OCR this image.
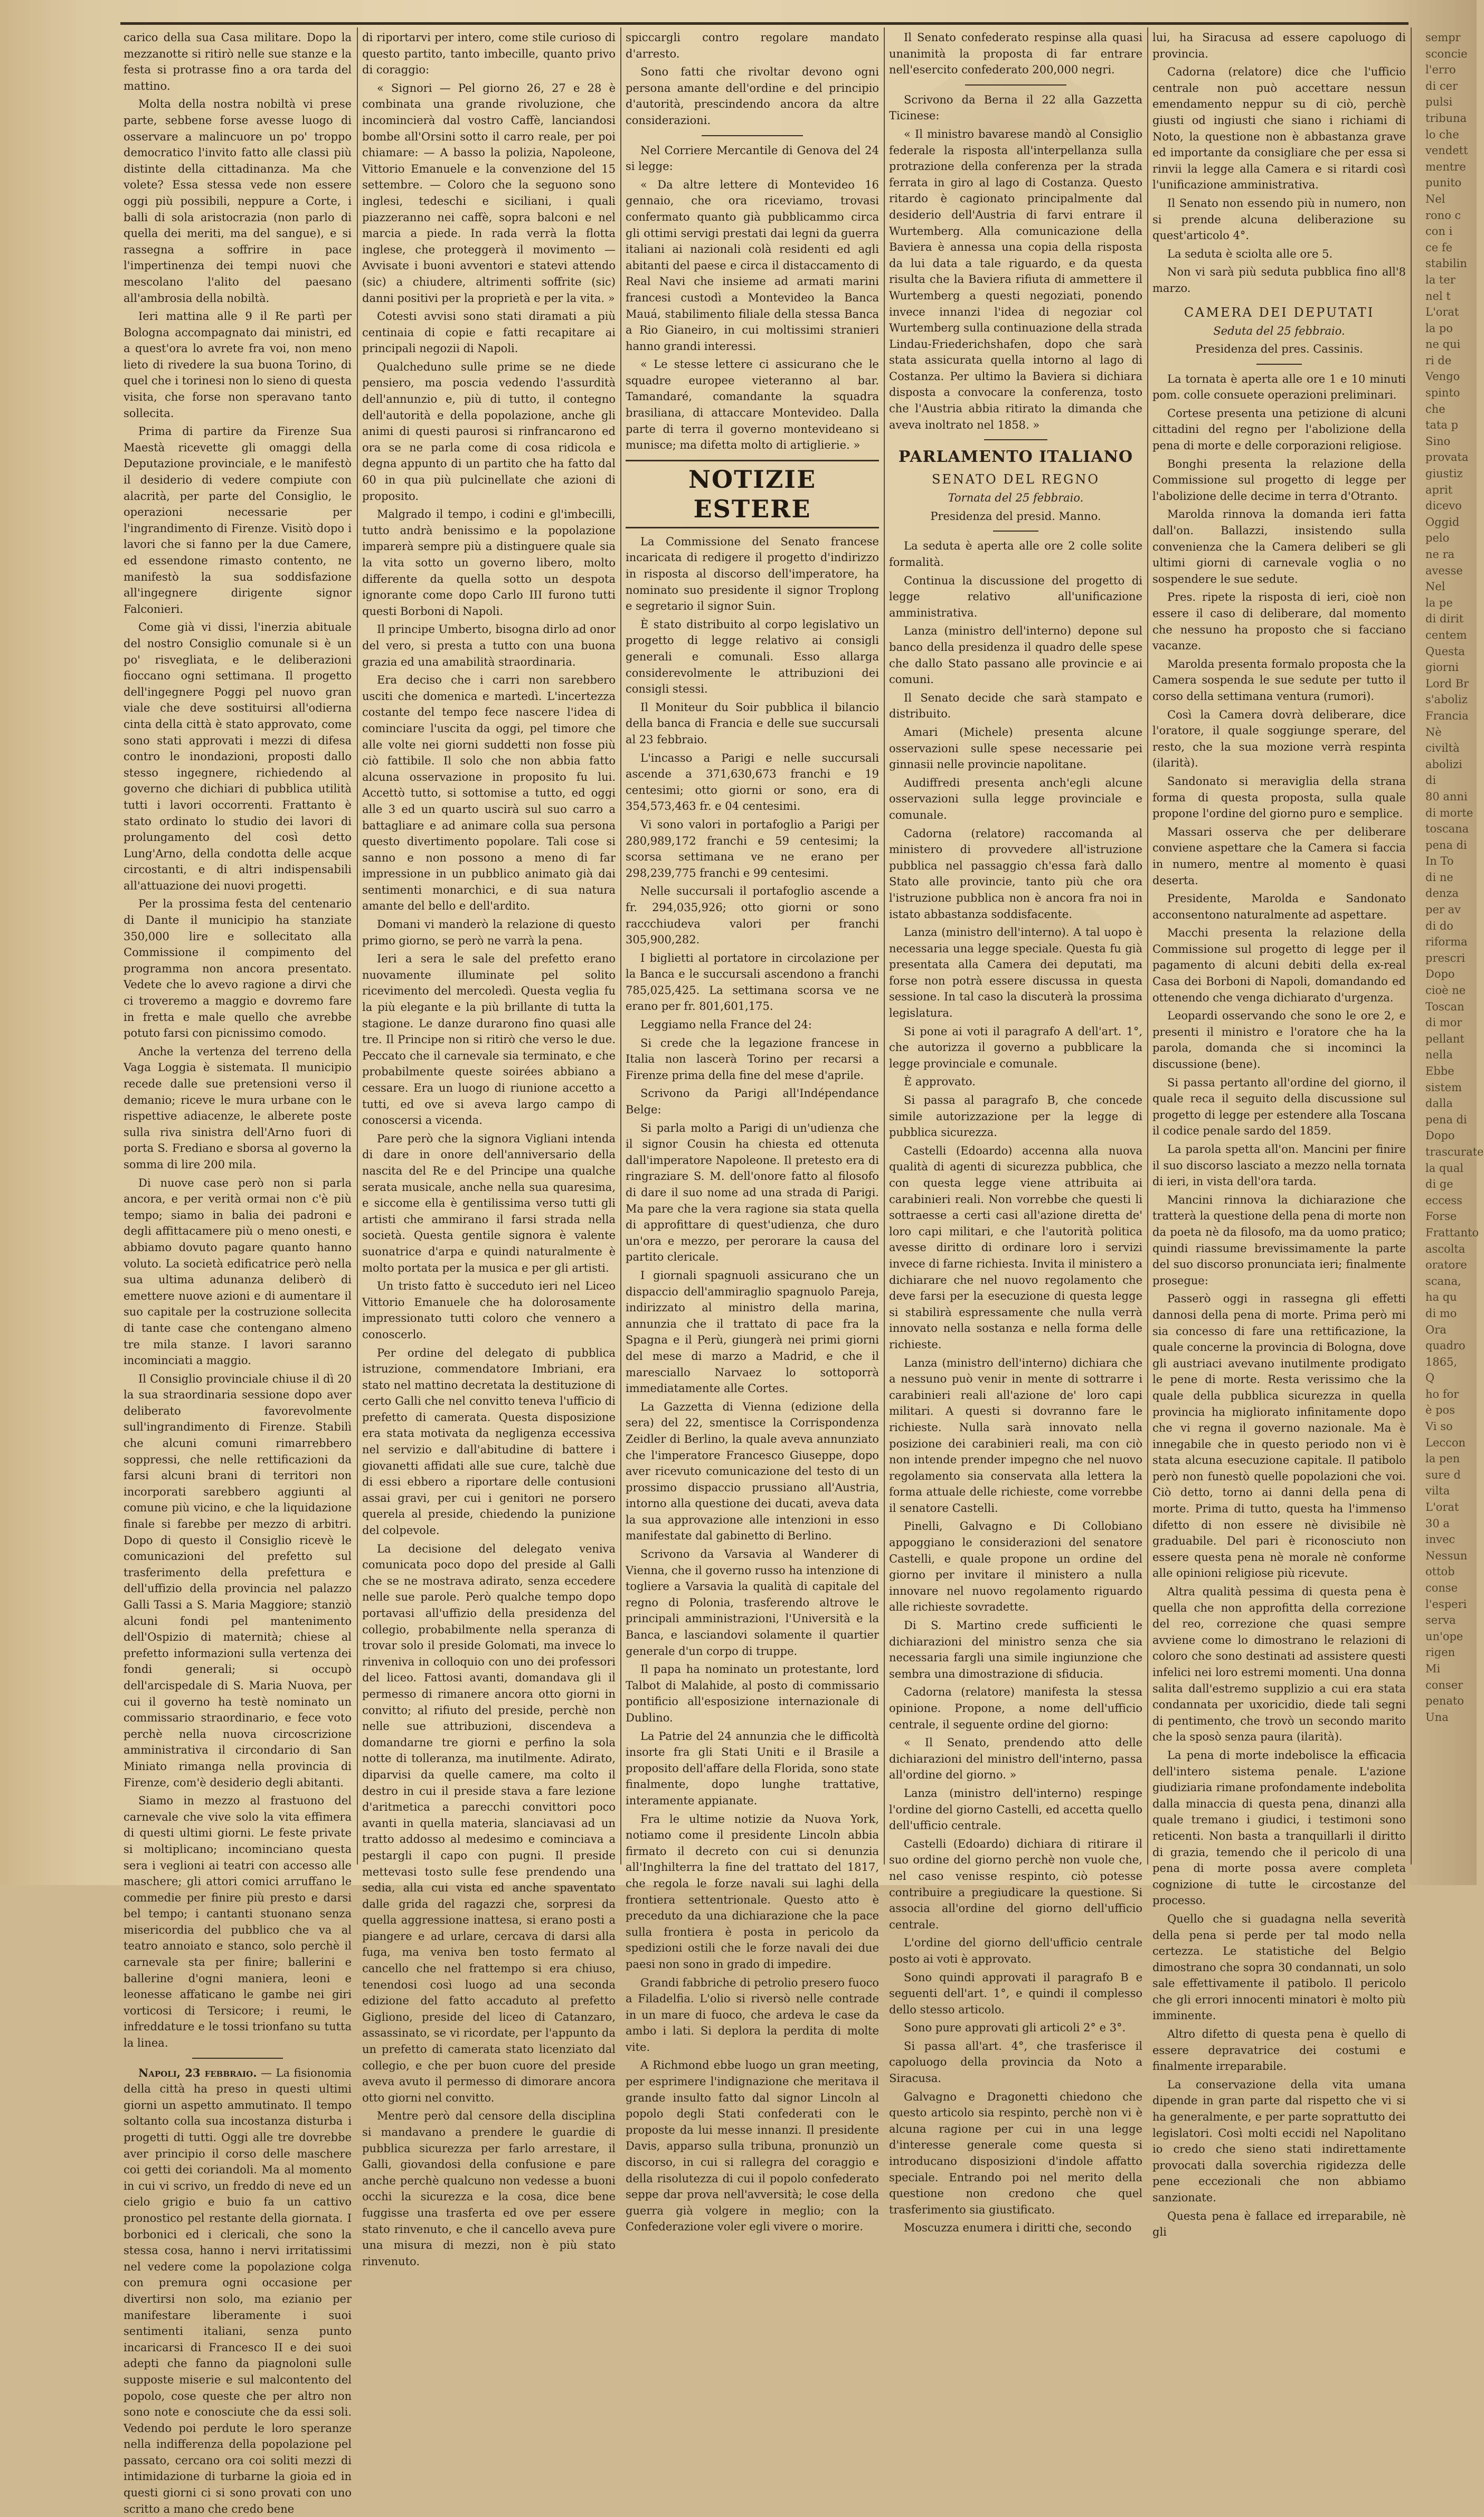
carico della sua Casa militare. Dopo la mezzanotte si ritirò nelle sue stanze e la festa si protrasse fino a ora tarda del mattino.

Molta della nostra nobiltà vi prese parte, sebbene forse avesse luogo di osservare a malincuore un po' troppo democratico l'invito fatto alle classi più distinte della cittadinanza. Ma che volete? Essa stessa vede non essere oggi più possibili, neppure a Corte, i balli di sola aristocrazia (non parlo di quella dei meriti, ma del sangue), e si rassegna a soffrire in pace l'impertinenza dei tempi nuovi che mescolano l'alito del paesano all'ambrosia della nobiltà.

Ieri mattina alle 9 il Re partì per Bologna accompagnato dai ministri, ed a quest'ora lo avrete fra voi, non meno lieto di rivedere la sua buona Torino, di quel che i torinesi non lo sieno di questa visita, che forse non speravano tanto sollecita.

Prima di partire da Firenze Sua Maestà ricevette gli omaggi della Deputazione provinciale, e le manifestò il desiderio di vedere compiute con alacrità, per parte del Consiglio, le operazioni necessarie per l'ingrandimento di Firenze. Visitò dopo i lavori che si fanno per la due Camere, ed essendone rimasto contento, ne manifestò la sua soddisfazione all'ingegnere dirigente signor Falconieri.

Come già vi dissi, l'inerzia abituale del nostro Consiglio comunale si è un po' risvegliata, e le deliberazioni fioccano ogni settimana. Il progetto dell'ingegnere Poggi pel nuovo gran viale che deve sostituirsi all'odierna cinta della città è stato approvato, come sono stati approvati i mezzi di difesa contro le inondazioni, proposti dallo stesso ingegnere, richiedendo al governo che dichiari di pubblica utilità tutti i lavori occorrenti. Frattanto è stato ordinato lo studio dei lavori di prolungamento del così detto Lung'Arno, della condotta delle acque circostanti, e di altri indispensabili all'attuazione dei nuovi progetti.

Per la prossima festa del centenario di Dante il municipio ha stanziate 350,000 lire e sollecitato alla Commissione il compimento del programma non ancora presentato. Vedete che lo avevo ragione a dirvi che ci troveremo a maggio e dovremo fare in fretta e male quello che avrebbe potuto farsi con picnissimo comodo.

Anche la vertenza del terreno della Vaga Loggia è sistemata. Il municipio recede dalle sue pretensioni verso il demanio; riceve le mura urbane con le rispettive adiacenze, le alberete poste sulla riva sinistra dell'Arno fuori di porta S. Frediano e sborsa al governo la somma di lire 200 mila.

Di nuove case però non si parla ancora, e per verità ormai non c'è più tempo; siamo in balia dei padroni e degli affittacamere più o meno onesti, e abbiamo dovuto pagare quanto hanno voluto. La società edificatrice però nella sua ultima adunanza deliberò di emettere nuove azioni e di aumentare il suo capitale per la costruzione sollecita di tante case che contengano almeno tre mila stanze. I lavori saranno incominciati a maggio.

Il Consiglio provinciale chiuse il dì 20 la sua straordinaria sessione dopo aver deliberato favorevolmente sull'ingrandimento di Firenze. Stabilì che alcuni comuni rimarrebbero soppressi, che nelle rettificazioni da farsi alcuni brani di territori non incorporati sarebbero aggiunti al comune più vicino, e che la liquidazione finale si farebbe per mezzo di arbitri. Dopo di questo il Consiglio ricevè le comunicazioni del prefetto sul trasferimento della prefettura e dell'uffizio della provincia nel palazzo Galli Tassi a S. Maria Maggiore; stanziò alcuni fondi pel mantenimento dell'Ospizio di maternità; chiese al prefetto informazioni sulla vertenza dei fondi generali; si occupò dell'arcispedale di S. Maria Nuova, per cui il governo ha testè nominato un commissario straordinario, e fece voto perchè nella nuova circoscrizione amministrativa il circondario di San Miniato rimanga nella provincia di Firenze, com'è desiderio degli abitanti.

Siamo in mezzo al frastuono del carnevale che vive solo la vita effimera di questi ultimi giorni. Le feste private si moltiplicano; incominciano questa sera i veglioni ai teatri con accesso alle maschere; gli attori comici arruffano le commedie per finire più presto e darsi bel tempo; i cantanti stuonano senza misericordia del pubblico che va al teatro annoiato e stanco, solo perchè il carnevale sta per finire; ballerini e ballerine d'ogni maniera, leoni e leonesse affaticano le gambe nei giri vorticosi di Tersicore; i reumi, le infreddature e le tossi trionfano su tutta la linea.

Napoli, 23 febbraio. — La fisionomia della città ha preso in questi ultimi giorni un aspetto ammutinato. Il tempo soltanto colla sua incostanza disturba i progetti di tutti. Oggi alle tre dovrebbe aver principio il corso delle maschere coi getti dei coriandoli. Ma al momento in cui vi scrivo, un freddo di neve ed un cielo grigio e buio fa un cattivo pronostico pel restante della giornata. I borbonici ed i clericali, che sono la stessa cosa, hanno i nervi irritatissimi nel vedere come la popolazione colga con premura ogni occasione per divertirsi non solo, ma ezianio per manifestare liberamente i suoi sentimenti italiani, senza punto incaricarsi di Francesco II e dei suoi adepti che fanno da piagnoloni sulle supposte miserie e sul malcontento del popolo, cose queste che per altro non sono note e conosciute che da essi soli. Vedendo poi perdute le loro speranze nella indifferenza della popolazione pel passato, cercano ora coi soliti mezzi di intimidazione di turbarne la gioia ed in questi giorni ci si sono provati con uno scritto a mano che credo bene

di riportarvi per intero, come stile curioso di questo partito, tanto imbecille, quanto privo di coraggio:

« Signori — Pel giorno 26, 27 e 28 è combinata una grande rivoluzione, che incomincierà dal vostro Caffè, lanciandosi bombe all'Orsini sotto il carro reale, per poi chiamare: — A basso la polizia, Napoleone, Vittorio Emanuele e la convenzione del 15 settembre. — Coloro che la seguono sono inglesi, tedeschi e siciliani, i quali piazzeranno nei caffè, sopra balconi e nel marcia a piede. In rada verrà la flotta inglese, che proteggerà il movimento — Avvisate i buoni avventori e statevi attendo (sic) a chiudere, altrimenti soffrite (sic) danni positivi per la proprietà e per la vita. »

Cotesti avvisi sono stati diramati a più centinaia di copie e fatti recapitare ai principali negozii di Napoli.

Qualcheduno sulle prime se ne diede pensiero, ma poscia vedendo l'assurdità dell'annunzio e, più di tutto, il contegno dell'autorità e della popolazione, anche gli animi di questi paurosi si rinfrancarono ed ora se ne parla come di cosa ridicola e degna appunto di un partito che ha fatto dal 60 in qua più pulcinellate che azioni di proposito.

Malgrado il tempo, i codini e gl'imbecilli, tutto andrà benissimo e la popolazione imparerà sempre più a distinguere quale sia la vita sotto un governo libero, molto differente da quella sotto un despota ignorante come dopo Carlo III furono tutti questi Borboni di Napoli.

Il principe Umberto, bisogna dirlo ad onor del vero, si presta a tutto con una buona grazia ed una amabilità straordinaria.

Era deciso che i carri non sarebbero usciti che domenica e martedì. L'incertezza costante del tempo fece nascere l'idea di cominciare l'uscita da oggi, pel timore che alle volte nei giorni suddetti non fosse più ciò fattibile. Il solo che non abbia fatto alcuna osservazione in proposito fu lui. Accettò tutto, si sottomise a tutto, ed oggi alle 3 ed un quarto uscirà sul suo carro a battagliare e ad animare colla sua persona questo divertimento popolare. Tali cose si sanno e non possono a meno di far impressione in un pubblico animato già dai sentimenti monarchici, e di sua natura amante del bello e dell'ardito.

Domani vi manderò la relazione di questo primo giorno, se però ne varrà la pena.

Ieri a sera le sale del prefetto erano nuovamente illuminate pel solito ricevimento del mercoledì. Questa veglia fu la più elegante e la più brillante di tutta la stagione. Le danze durarono fino quasi alle tre. Il Principe non si ritirò che verso le due. Peccato che il carnevale sia terminato, e che probabilmente queste soirées abbiano a cessare. Era un luogo di riunione accetto a tutti, ed ove si aveva largo campo di conoscersi a vicenda.

Pare però che la signora Vigliani intenda di dare in onore dell'anniversario della nascita del Re e del Principe una qualche serata musicale, anche nella sua quaresima, e siccome ella è gentilissima verso tutti gli artisti che ammirano il farsi strada nella società. Questa gentile signora è valente suonatrice d'arpa e quindi naturalmente è molto portata per la musica e per gli artisti.

Un tristo fatto è succeduto ieri nel Liceo Vittorio Emanuele che ha dolorosamente impressionato tutti coloro che vennero a conoscerlo.

Per ordine del delegato di pubblica istruzione, commendatore Imbriani, era stato nel mattino decretata la destituzione di certo Galli che nel convitto teneva l'ufficio di prefetto di camerata. Questa disposizione era stata motivata da negligenza eccessiva nel servizio e dall'abitudine di battere i giovanetti affidati alle sue cure, talchè due di essi ebbero a riportare delle contusioni assai gravi, per cui i genitori ne porsero querela al preside, chiedendo la punizione del colpevole.

La decisione del delegato veniva comunicata poco dopo del preside al Galli che se ne mostrava adirato, senza eccedere nelle sue parole. Però qualche tempo dopo portavasi all'uffizio della presidenza del collegio, probabilmente nella speranza di trovar solo il preside Golomati, ma invece lo rinveniva in colloquio con uno dei professori del liceo. Fattosi avanti, domandava gli il permesso di rimanere ancora otto giorni in convitto; al rifiuto del preside, perchè non nelle sue attribuzioni, discendeva a domandarne tre giorni e perfino la sola notte di tolleranza, ma inutilmente. Adirato, diparvisi da quelle camere, ma colto il destro in cui il preside stava a fare lezione d'aritmetica a parecchi convittori poco avanti in quella materia, slanciavasi ad un tratto addosso al medesimo e cominciava a pestargli il capo con pugni. Il preside mettevasi tosto sulle fese prendendo una sedia, alla cui vista ed anche spaventato dalle grida del ragazzi che, sorpresi da quella aggressione inattesa, si erano posti a piangere e ad urlare, cercava di darsi alla fuga, ma veniva ben tosto fermato al cancello che nel frattempo si era chiuso, tenendosi così luogo ad una seconda edizione del fatto accaduto al prefetto Gigliono, preside del liceo di Catanzaro, assassinato, se vi ricordate, per l'appunto da un prefetto di camerata stato licenziato dal collegio, e che per buon cuore del preside aveva avuto il permesso di dimorare ancora otto giorni nel convitto.

Mentre però dal censore della disciplina si mandavano a prendere le guardie di pubblica sicurezza per farlo arrestare, il Galli, giovandosi della confusione e pare anche perchè qualcuno non vedesse a buoni occhi la sicurezza e la cosa, dice bene fuggisse una trasferta ed ove per essere stato rinvenuto, e che il cancello aveva pure una misura di mezzi, non è più stato rinvenuto.

spiccargli contro regolare mandato d'arresto.

Sono fatti che rivoltar devono ogni persona amante dell'ordine e del principio d'autorità, prescindendo ancora da altre considerazioni.

Nel Corriere Mercantile di Genova del 24 si legge:

« Da altre lettere di Montevideo 16 gennaio, che ora riceviamo, trovasi confermato quanto già pubblicammo circa gli ottimi servigi prestati dai legni da guerra italiani ai nazionali colà residenti ed agli abitanti del paese e circa il distaccamento di Real Navi che insieme ad armati marini francesi custodì a Montevideo la Banca Mauá, stabilimento filiale della stessa Banca a Rio Gianeiro, in cui moltissimi stranieri hanno grandi interessi.

« Le stesse lettere ci assicurano che le squadre europee vieteranno al bar. Tamandaré, comandante la squadra brasiliana, di attaccare Montevideo. Dalla parte di terra il governo montevideano si munisce; ma difetta molto di artiglierie. »

NOTIZIE ESTERE

La Commissione del Senato francese incaricata di redigere il progetto d'indirizzo in risposta al discorso dell'imperatore, ha nominato suo presidente il signor Troplong e segretario il signor Suin.

È stato distribuito al corpo legislativo un progetto di legge relativo ai consigli generali e comunali. Esso allarga considerevolmente le attribuzioni dei consigli stessi.

Il Moniteur du Soir pubblica il bilancio della banca di Francia e delle sue succursali al 23 febbraio.

L'incasso a Parigi e nelle succursali ascende a 371,630,673 franchi e 19 centesimi; otto giorni or sono, era di 354,573,463 fr. e 04 centesimi.

Vi sono valori in portafoglio a Parigi per 280,989,172 franchi e 59 centesimi; la scorsa settimana ve ne erano per 298,239,775 franchi e 99 centesimi.

Nelle succursali il portafoglio ascende a fr. 294,035,926; otto giorni or sono raccchiudeva valori per franchi 305,900,282.

I biglietti al portatore in circolazione per la Banca e le succursali ascendono a franchi 785,025,425. La settimana scorsa ve ne erano per fr. 801,601,175.

Leggiamo nella France del 24:

Si crede che la legazione francese in Italia non lascerà Torino per recarsi a Firenze prima della fine del mese d'aprile.

Scrivono da Parigi all'Indépendance Belge:

Si parla molto a Parigi di un'udienza che il signor Cousin ha chiesta ed ottenuta dall'imperatore Napoleone. Il pretesto era di ringraziare S. M. dell'onore fatto al filosofo di dare il suo nome ad una strada di Parigi. Ma pare che la vera ragione sia stata quella di approfittare di quest'udienza, che duro un'ora e mezzo, per perorare la causa del partito clericale.

I giornali spagnuoli assicurano che un dispaccio dell'ammiraglio spagnuolo Pareja, indirizzato al ministro della marina, annunzia che il trattato di pace fra la Spagna e il Perù, giungerà nei primi giorni del mese di marzo a Madrid, e che il maresciallo Narvaez lo sottoporrà immediatamente alle Cortes.

La Gazzetta di Vienna (edizione della sera) del 22, smentisce la Corrispondenza Zeidler di Berlino, la quale aveva annunziato che l'imperatore Francesco Giuseppe, dopo aver ricevuto comunicazione del testo di un prossimo dispaccio prussiano all'Austria, intorno alla questione dei ducati, aveva data la sua approvazione alle intenzioni in esso manifestate dal gabinetto di Berlino.

Scrivono da Varsavia al Wanderer di Vienna, che il governo russo ha intenzione di togliere a Varsavia la qualità di capitale del regno di Polonia, trasferendo altrove le principali amministrazioni, l'Università e la Banca, e lasciandovi solamente il quartier generale d'un corpo di truppe.

Il papa ha nominato un protestante, lord Talbot di Malahide, al posto di commissario pontificio all'esposizione internazionale di Dublino.

La Patrie del 24 annunzia che le difficoltà insorte fra gli Stati Uniti e il Brasile a proposito dell'affare della Florida, sono state finalmente, dopo lunghe trattative, interamente appianate.

Fra le ultime notizie da Nuova York, notiamo come il presidente Lincoln abbia firmato il decreto con cui si denunzia all'Inghilterra la fine del trattato del 1817, che regola le forze navali sui laghi della frontiera settentrionale. Questo atto è preceduto da una dichiarazione che la pace sulla frontiera è posta in pericolo da spedizioni ostili che le forze navali dei due paesi non sono in grado di impedire.

Grandi fabbriche di petrolio presero fuoco a Filadelfia. L'olio si riversò nelle contrade in un mare di fuoco, che ardeva le case da ambo i lati. Si deplora la perdita di molte vite.

A Richmond ebbe luogo un gran meeting, per esprimere l'indignazione che meritava il grande insulto fatto dal signor Lincoln al popolo degli Stati confederati con le proposte da lui messe innanzi. Il presidente Davis, apparso sulla tribuna, pronunziò un discorso, in cui si rallegra del coraggio e della risolutezza di cui il popolo confederato seppe dar prova nell'avversità; le cose della guerra già volgere in meglio; con la Confederazione voler egli vivere o morire.

Il Senato confederato respinse alla quasi unanimità la proposta di far entrare nell'esercito confederato 200,000 negri.

Scrivono da Berna il 22 alla Gazzetta Ticinese:

« Il ministro bavarese mandò al Consiglio federale la risposta all'interpellanza sulla protrazione della conferenza per la strada ferrata in giro al lago di Costanza. Questo ritardo è cagionato principalmente dal desiderio dell'Austria di farvi entrare il Wurtemberg. Alla comunicazione della Baviera è annessa una copia della risposta da lui data a tale riguardo, e da questa risulta che la Baviera rifiuta di ammettere il Wurtemberg a questi negoziati, ponendo invece innanzi l'idea di negoziar col Wurtemberg sulla continuazione della strada Lindau-Friederichshafen, dopo che sarà stata assicurata quella intorno al lago di Costanza. Per ultimo la Baviera si dichiara disposta a convocare la conferenza, tosto che l'Austria abbia ritirato la dimanda che aveva inoltrato nel 1858. »

PARLAMENTO ITALIANO
SENATO DEL REGNO
Tornata del 25 febbraio.
Presidenza del presid. Manno.

La seduta è aperta alle ore 2 colle solite formalità.

Continua la discussione del progetto di legge relativo all'unificazione amministrativa.

Lanza (ministro dell'interno) depone sul banco della presidenza il quadro delle spese che dallo Stato passano alle provincie e ai comuni.

Il Senato decide che sarà stampato e distribuito.

Amari (Michele) presenta alcune osservazioni sulle spese necessarie pei ginnasii nelle provincie napolitane.

Audiffredi presenta anch'egli alcune osservazioni sulla legge provinciale e comunale.

Cadorna (relatore) raccomanda al ministero di provvedere all'istruzione pubblica nel passaggio ch'essa farà dallo Stato alle provincie, tanto più che ora l'istruzione pubblica non è ancora fra noi in istato abbastanza soddisfacente.

Lanza (ministro dell'interno). A tal uopo è necessaria una legge speciale. Questa fu già presentata alla Camera dei deputati, ma forse non potrà essere discussa in questa sessione. In tal caso la discuterà la prossima legislatura.

Si pone ai voti il paragrafo A dell'art. 1°, che autorizza il governo a pubblicare la legge provinciale e comunale.

È approvato.

Si passa al paragrafo B, che concede simile autorizzazione per la legge di pubblica sicurezza.

Castelli (Edoardo) accenna alla nuova qualità di agenti di sicurezza pubblica, che con questa legge viene attribuita ai carabinieri reali. Non vorrebbe che questi li sottraesse a certi casi all'azione diretta de' loro capi militari, e che l'autorità politica avesse diritto di ordinare loro i servizi invece di farne richiesta. Invita il ministero a dichiarare che nel nuovo regolamento che deve farsi per la esecuzione di questa legge si stabilirà espressamente che nulla verrà innovato nella sostanza e nella forma delle richieste.

Lanza (ministro dell'interno) dichiara che a nessuno può venir in mente di sottrarre i carabinieri reali all'azione de' loro capi militari. A questi si dovranno fare le richieste. Nulla sarà innovato nella posizione dei carabinieri reali, ma con ciò non intende prender impegno che nel nuovo regolamento sia conservata alla lettera la forma attuale delle richieste, come vorrebbe il senatore Castelli.

Pinelli, Galvagno e Di Collobiano appoggiano le considerazioni del senatore Castelli, e quale propone un ordine del giorno per invitare il ministero a nulla innovare nel nuovo regolamento riguardo alle richieste sovradette.

Di S. Martino crede sufficienti le dichiarazioni del ministro senza che sia necessaria fargli una simile ingiunzione che sembra una dimostrazione di sfiducia.

Cadorna (relatore) manifesta la stessa opinione. Propone, a nome dell'ufficio centrale, il seguente ordine del giorno:

« Il Senato, prendendo atto delle dichiarazioni del ministro dell'interno, passa all'ordine del giorno. »

Lanza (ministro dell'interno) respinge l'ordine del giorno Castelli, ed accetta quello dell'ufficio centrale.

Castelli (Edoardo) dichiara di ritirare il suo ordine del giorno perchè non vuole che, nel caso venisse respinto, ciò potesse contribuire a pregiudicare la questione. Si associa all'ordine del giorno dell'ufficio centrale.

L'ordine del giorno dell'ufficio centrale posto ai voti è approvato.

Sono quindi approvati il paragrafo B e seguenti dell'art. 1°, e quindi il complesso dello stesso articolo.

Sono pure approvati gli articoli 2° e 3°.

Si passa all'art. 4°, che trasferisce il capoluogo della provincia da Noto a Siracusa.

Galvagno e Dragonetti chiedono che questo articolo sia respinto, perchè non vi è alcuna ragione per cui in una legge d'interesse generale come questa si introducano disposizioni d'indole affatto speciale. Entrando poi nel merito della questione non credono che quel trasferimento sia giustificato.

Moscuzza enumera i diritti che, secondo

lui, ha Siracusa ad essere capoluogo di provincia.

Cadorna (relatore) dice che l'ufficio centrale non può accettare nessun emendamento neppur su di ciò, perchè giusti od ingiusti che siano i richiami di Noto, la questione non è abbastanza grave ed importante da consigliare che per essa si rinvii la legge alla Camera e si ritardi così l'unificazione amministrativa.

Il Senato non essendo più in numero, non si prende alcuna deliberazione su quest'articolo 4°.

La seduta è sciolta alle ore 5.

Non vi sarà più seduta pubblica fino all'8 marzo.

CAMERA DEI DEPUTATI
Seduta del 25 febbraio.
Presidenza del pres. Cassinis.

La tornata è aperta alle ore 1 e 10 minuti pom. colle consuete operazioni preliminari.

Cortese presenta una petizione di alcuni cittadini del regno per l'abolizione della pena di morte e delle corporazioni religiose.

Bonghi presenta la relazione della Commissione sul progetto di legge per l'abolizione delle decime in terra d'Otranto.

Marolda rinnova la domanda ieri fatta dall'on. Ballazzi, insistendo sulla convenienza che la Camera deliberi se gli ultimi giorni di carnevale voglia o no sospendere le sue sedute.

Pres. ripete la risposta di ieri, cioè non essere il caso di deliberare, dal momento che nessuno ha proposto che si facciano vacanze.

Marolda presenta formalo proposta che la Camera sospenda le sue sedute per tutto il corso della settimana ventura (rumori).

Così la Camera dovrà deliberare, dice l'oratore, il quale soggiunge sperare, del resto, che la sua mozione verrà respinta (ilarità).

Sandonato si meraviglia della strana forma di questa proposta, sulla quale propone l'ordine del giorno puro e semplice.

Massari osserva che per deliberare conviene aspettare che la Camera si faccia in numero, mentre al momento è quasi deserta.

Presidente, Marolda e Sandonato acconsentono naturalmente ad aspettare.

Macchi presenta la relazione della Commissione sul progetto di legge per il pagamento di alcuni debiti della ex-real Casa dei Borboni di Napoli, domandando ed ottenendo che venga dichiarato d'urgenza.

Leopardi osservando che sono le ore 2, e presenti il ministro e l'oratore che ha la parola, domanda che si incominci la discussione (bene).

Si passa pertanto all'ordine del giorno, il quale reca il seguito della discussione sul progetto di legge per estendere alla Toscana il codice penale sardo del 1859.

La parola spetta all'on. Mancini per finire il suo discorso lasciato a mezzo nella tornata di ieri, in vista dell'ora tarda.

Mancini rinnova la dichiarazione che tratterà la questione della pena di morte non da poeta nè da filosofo, ma da uomo pratico; quindi riassume brevissimamente la parte del suo discorso pronunciata ieri; finalmente prosegue:

Passerò oggi in rassegna gli effetti dannosi della pena di morte. Prima però mi sia concesso di fare una rettificazione, la quale concerne la provincia di Bologna, dove gli austriaci avevano inutilmente prodigato le pene di morte. Resta verissimo che la quale della pubblica sicurezza in quella provincia ha migliorato infinitamente dopo che vi regna il governo nazionale. Ma è innegabile che in questo periodo non vi è stata alcuna esecuzione capitale. Il patibolo però non funestò quelle popolazioni che voi. Ciò detto, torno ai danni della pena di morte. Prima di tutto, questa ha l'immenso difetto di non essere nè divisibile nè graduabile. Del pari è riconosciuto non essere questa pena nè morale nè conforme alle opinioni religiose più ricevute.

Altra qualità pessima di questa pena è quella che non approfitta della correzione del reo, correzione che quasi sempre avviene come lo dimostrano le relazioni di coloro che sono destinati ad assistere questi infelici nei loro estremi momenti. Una donna salita dall'estremo supplizio a cui era stata condannata per uxoricidio, diede tali segni di pentimento, che trovò un secondo marito che la sposò senza paura (ilarità).

La pena di morte indebolisce la efficacia dell'intero sistema penale. L'azione giudiziaria rimane profondamente indebolita dalla minaccia di questa pena, dinanzi alla quale tremano i giudici, i testimoni sono reticenti. Non basta a tranquillarli il diritto di grazia, temendo che il pericolo di una pena di morte possa avere completa cognizione di tutte le circostanze del processo.

Quello che si guadagna nella severità della pena si perde per tal modo nella certezza. Le statistiche del Belgio dimostrano che sopra 30 condannati, un solo sale effettivamente il patibolo. Il pericolo che gli errori innocenti minatori è molto più imminente.

Altro difetto di questa pena è quello di essere depravatrice dei costumi e finalmente irreparabile.

La conservazione della vita umana dipende in gran parte dal rispetto che vi si ha generalmente, e per parte soprattutto dei legislatori. Così molti eccidi nel Napolitano io credo che sieno stati indirettamente provocati dalla soverchia rigidezza delle pene eccezionali che non abbiamo sanzionate.

Questa pena è fallace ed irreparabile, nè gli

sempr
sconcie
l'erro
di cer
pulsi
tribuna
lo che
vendett
mentre
punito
Nel
rono c
con i
ce fe
stabilin
la ter
nel t
L'orat
la po
ne qui
ri de
Vengo
spinto
che
tata p
Sino
provata
giustiz
aprit
dicevo
Oggid
pelo
ne ra
avesse
Nel
la pe
di dirit
centem
Questa
giorni
Lord Br
s'aboliz
Francia
Nè
civiltà
abolizi
di
80 anni
di morte
toscana
pena di
In To
di ne
denza
per av
di do
riforma
prescri
Dopo
cioè ne
Toscan
di mor
pellant
nella
Ebbe
sistem
dalla
pena di
Dopo
trascurate
la qual
di ge
eccess
Forse
Frattanto
ascolta
oratore
scana,
ha qu
di mo
Ora
quadro
1865,
Q
ho for
è pos
Vi so
Leccon
la pen
sure d
vilta
L'orat
30 a
invec
Nessun
ottob
conse
l'esperi
serva
un'ope
rigen
Mi
conser
penato
Una
